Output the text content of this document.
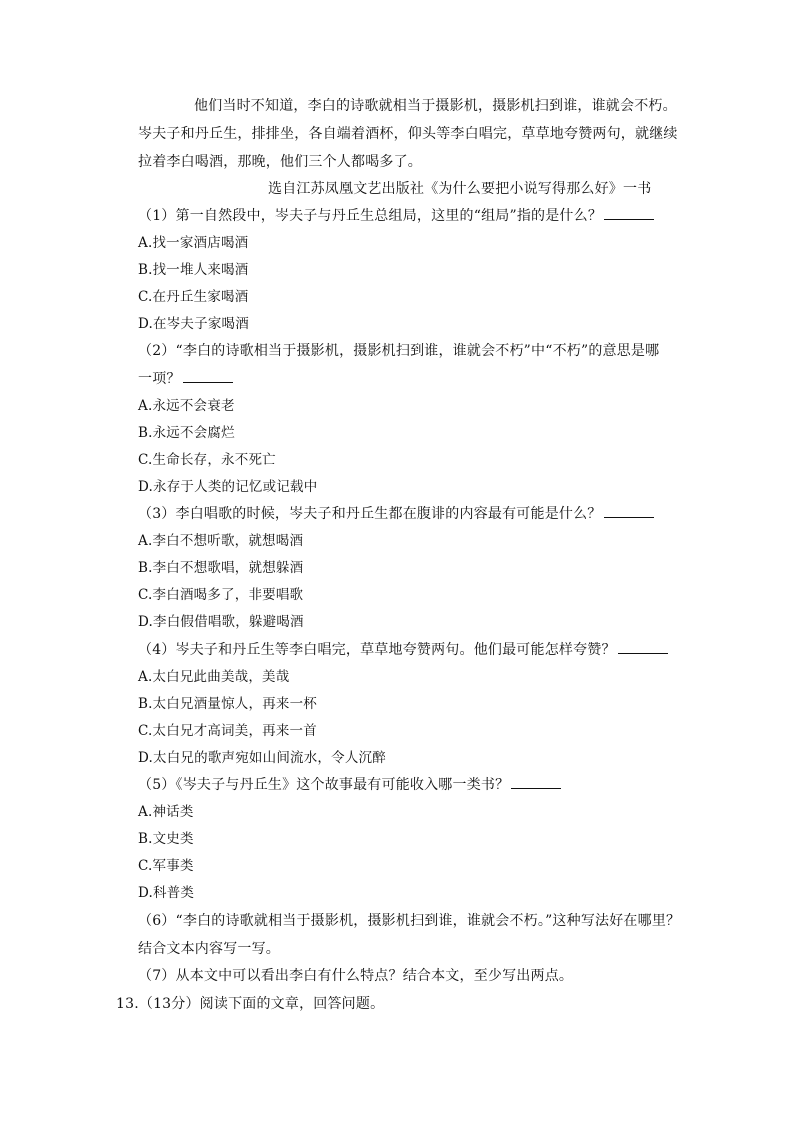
他们当时不知道，李白的诗歌就相当于摄影机，摄影机扫到谁，谁就会不朽。
岑夫子和丹丘生，排排坐，各自端着酒杯，仰头等李白唱完，草草地夸赞两句，就继续
拉着李白喝酒，那晚，他们三个人都喝多了。
选自江苏凤凰文艺出版社《为什么要把小说写得那么好》一书
（1）第一自然段中，岑夫子与丹丘生总组局，这里的“组局”指的是什么？
A.找一家酒店喝酒
B.找一堆人来喝酒
C.在丹丘生家喝酒
D.在岑夫子家喝酒
（2）“李白的诗歌相当于摄影机，摄影机扫到谁，谁就会不朽”中“不朽”的意思是哪
一项？
A.永远不会衰老
B.永远不会腐烂
C.生命长存，永不死亡
D.永存于人类的记忆或记载中
（3）李白唱歌的时候，岑夫子和丹丘生都在腹诽的内容最有可能是什么？
A.李白不想听歌，就想喝酒
B.李白不想歌唱，就想躲酒
C.李白酒喝多了，非要唱歌
D.李白假借唱歌，躲避喝酒
（4）岑夫子和丹丘生等李白唱完，草草地夸赞两句。他们最可能怎样夸赞？
A.太白兄此曲美哉，美哉
B.太白兄酒量惊人，再来一杯
C.太白兄才高词美，再来一首
D.太白兄的歌声宛如山间流水，令人沉醉
（5）《岑夫子与丹丘生》这个故事最有可能收入哪一类书？
A.神话类
B.文史类
C.军事类
D.科普类
（6）“李白的诗歌就相当于摄影机，摄影机扫到谁，谁就会不朽。”这种写法好在哪里？
结合文本内容写一写。
（7）从本文中可以看出李白有什么特点？结合本文，至少写出两点。
13.（13分）阅读下面的文章，回答问题。
